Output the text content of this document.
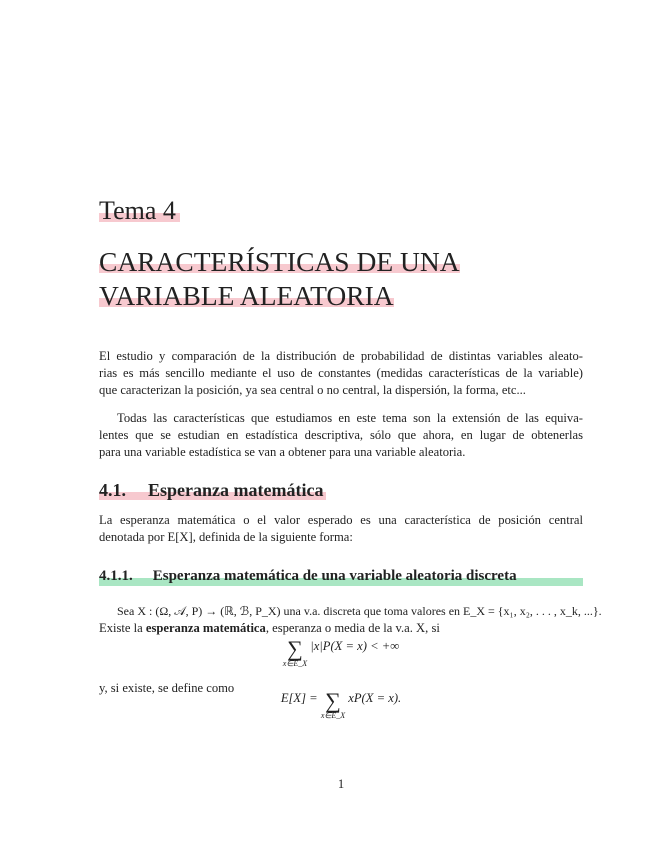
Tema 4
CARACTERÍSTICAS DE UNA
VARIABLE ALEATORIA
El estudio y comparación de la distribución de probabilidad de distintas variables aleato-
rias es más sencillo mediante el uso de constantes (medidas características de la variable)
que caracterizan la posición, ya sea central o no central, la dispersión, la forma, etc...
Todas las características que estudiamos en este tema son la extensión de las equiva-
lentes que se estudian en estadística descriptiva, sólo que ahora, en lugar de obtenerlas
para una variable estadística se van a obtener para una variable aleatoria.
4.1. Esperanza matemática
La esperanza matemática o el valor esperado es una característica de posición central
denotada por E[X], definida de la siguiente forma:
4.1.1. Esperanza matemática de una variable aleatoria discreta
Sea X : (Ω, 𝒜, P) → (ℝ, ℬ, P_X) una v.a. discreta que toma valores en E_X = {x₁, x₂, . . . , x_k, ...}.
Existe la esperanza matemática, esperanza o media de la v.a. X, si
∑
x∈E_X
|x|P(X = x) < +∞
y, si existe, se define como
E[X] = ∑
x∈E_X
xP(X = x).
1
